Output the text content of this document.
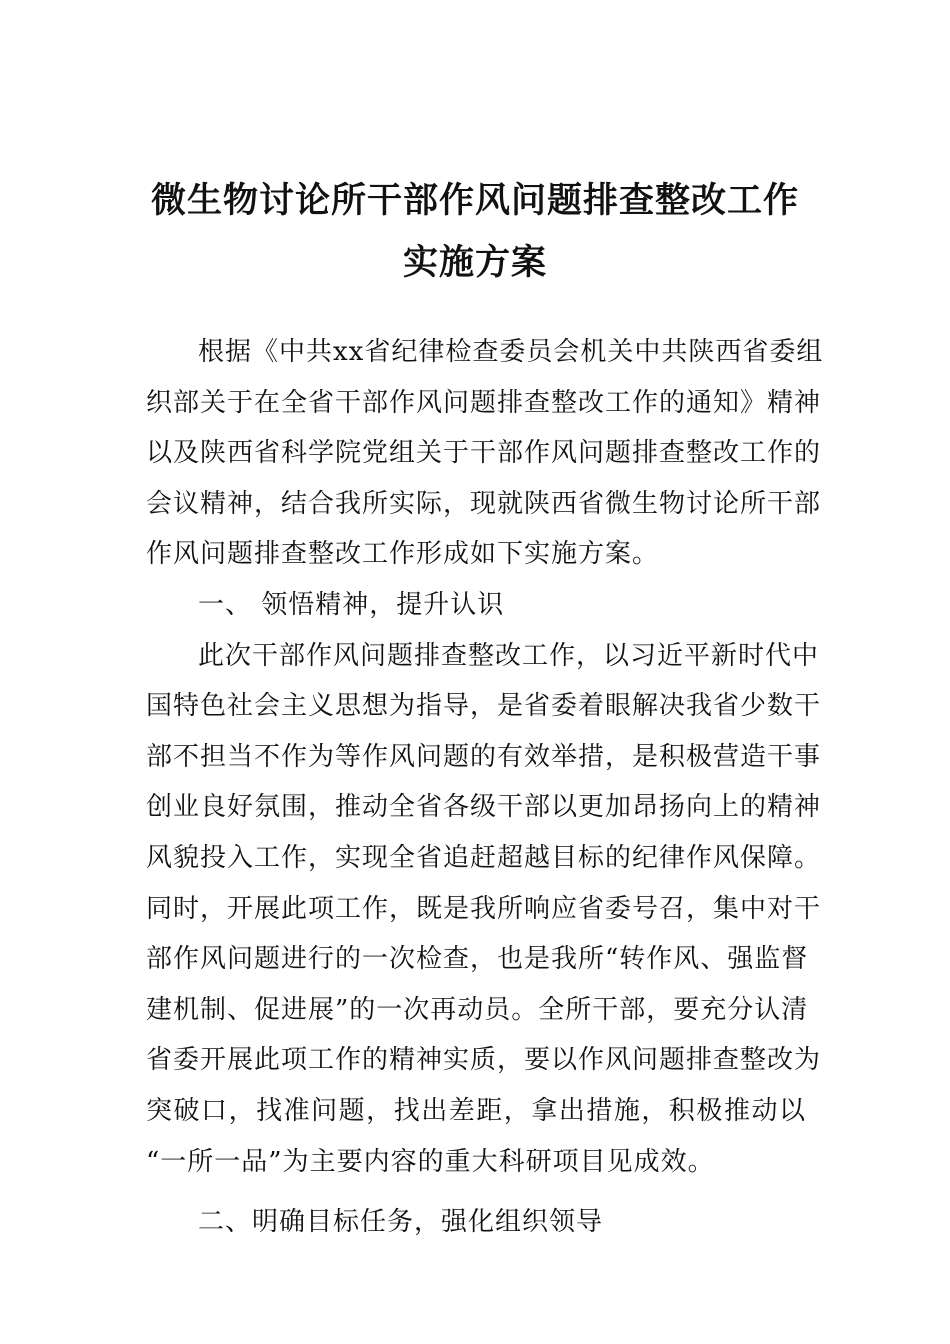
微生物讨论所干部作风问题排查整改工作
实施方案
根据《中共xx省纪律检查委员会机关中共陕西省委组
织部关于在全省干部作风问题排查整改工作的通知》精神
以及陕西省科学院党组关于干部作风问题排查整改工作的
会议精神，结合我所实际，现就陕西省微生物讨论所干部
作风问题排查整改工作形成如下实施方案。
一、 领悟精神，提升认识
此次干部作风问题排查整改工作，以习近平新时代中
国特色社会主义思想为指导，是省委着眼解决我省少数干
部不担当不作为等作风问题的有效举措，是积极营造干事
创业良好氛围，推动全省各级干部以更加昂扬向上的精神
风貌投入工作，实现全省追赶超越目标的纪律作风保障。
同时，开展此项工作，既是我所响应省委号召，集中对干
部作风问题进行的一次检查，也是我所“转作风、强监督
建机制、促进展”的一次再动员。全所干部，要充分认清
省委开展此项工作的精神实质，要以作风问题排查整改为
突破口，找准问题，找出差距，拿出措施，积极推动以
“一所一品”为主要内容的重大科研项目见成效。
二、明确目标任务，强化组织领导
